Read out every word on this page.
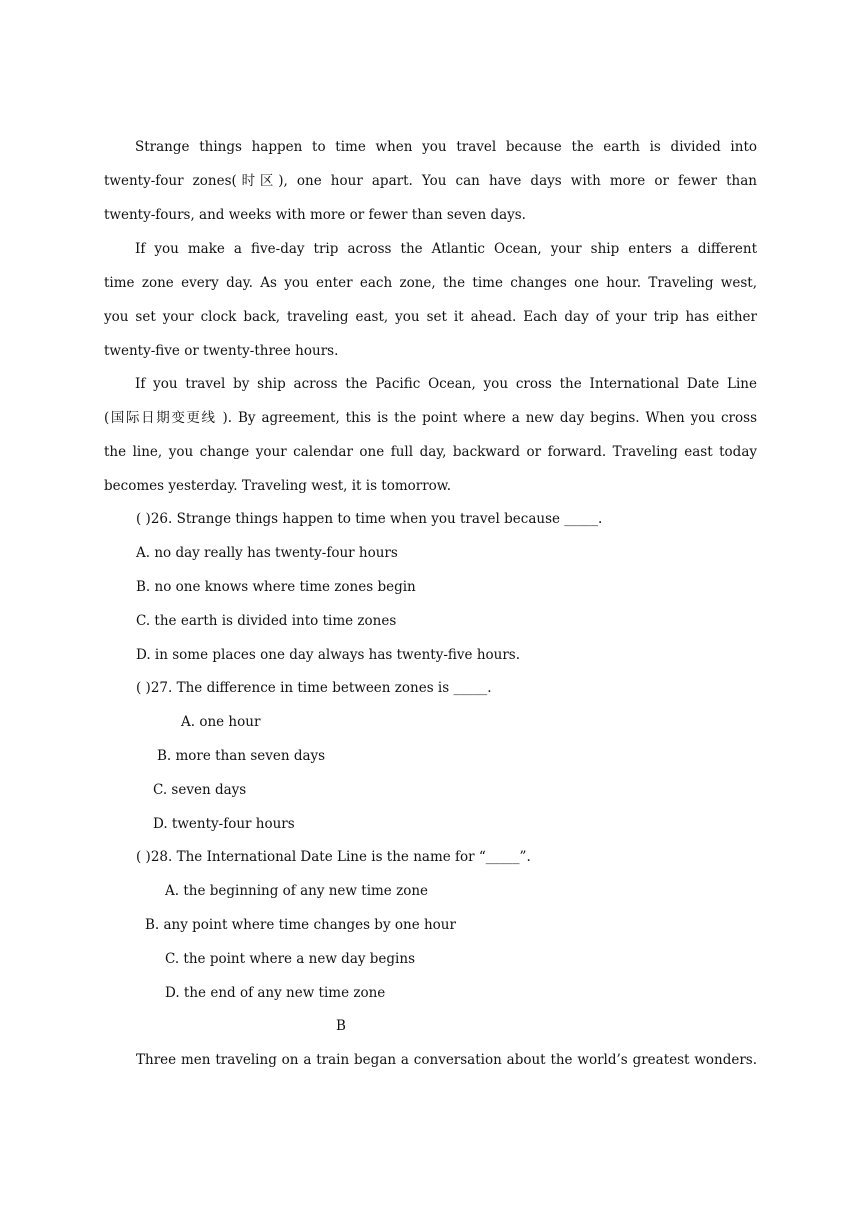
Strange things happen to time when you travel because the earth is divided into
twenty-four zones(时区), one hour apart. You can have days with more or fewer than
twenty-fours, and weeks with more or fewer than seven days.
If you make a five-day trip across the Atlantic Ocean, your ship enters a different
time zone every day. As you enter each zone, the time changes one hour. Traveling west,
you set your clock back, traveling east, you set it ahead. Each day of your trip has either
twenty-five or twenty-three hours.
If you travel by ship across the Pacific Ocean, you cross the International Date Line
(国际日期变更线 ). By agreement, this is the point where a new day begins. When you cross
the line, you change your calendar one full day, backward or forward. Traveling east today
becomes yesterday. Traveling west, it is tomorrow.
( )26. Strange things happen to time when you travel because _____.
A. no day really has twenty-four hours
B. no one knows where time zones begin
C. the earth is divided into time zones
D. in some places one day always has twenty-five hours.
( )27. The difference in time between zones is _____.
A. one hour
B. more than seven days
C. seven days
D. twenty-four hours
( )28. The International Date Line is the name for “_____”.
A. the beginning of any new time zone
B. any point where time changes by one hour
C. the point where a new day begins
D. the end of any new time zone
B
Three men traveling on a train began a conversation about the world’s greatest wonders.
